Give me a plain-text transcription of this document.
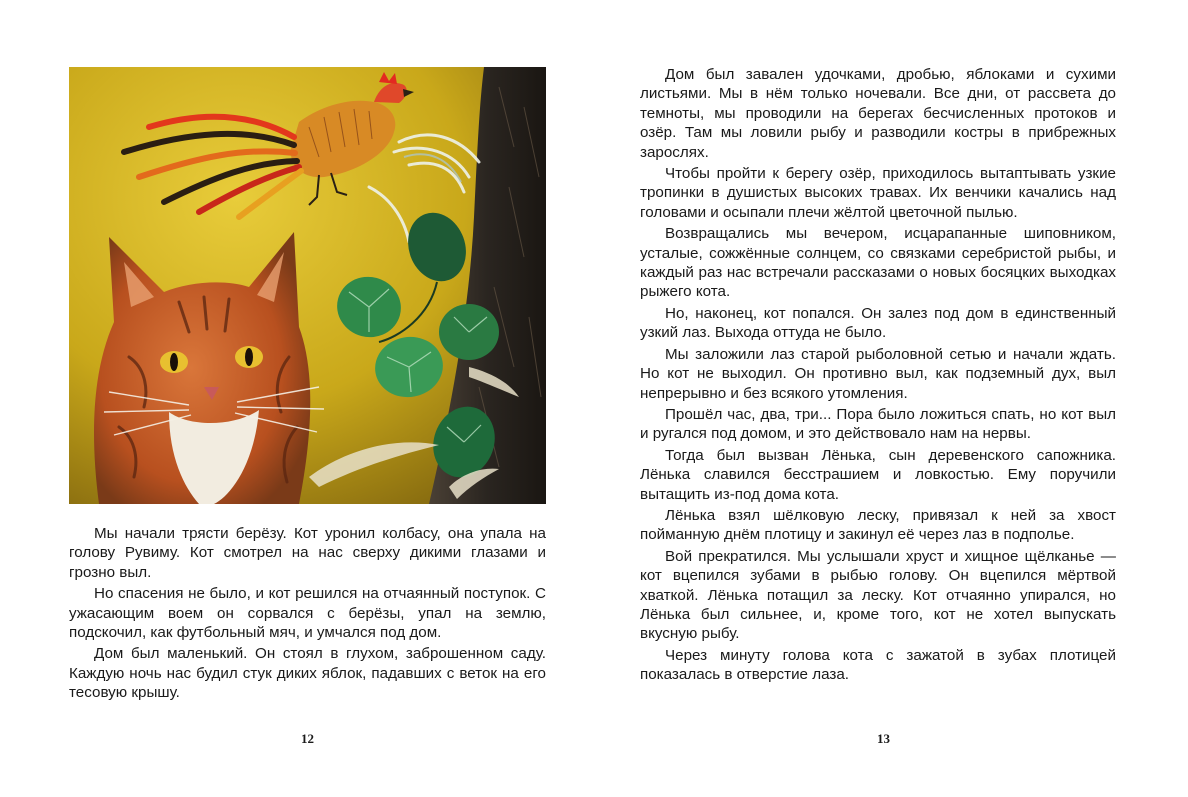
Мы начали трясти берёзу. Кот уронил колбасу, она упала на голову Рувиму. Кот смотрел на нас сверху дикими глазами и грозно выл.

Но спасения не было, и кот решился на отчаянный поступок. С ужасающим воем он сорвался с берёзы, упал на землю, подскочил, как футбольный мяч, и умчался под дом.

Дом был маленький. Он стоял в глухом, заброшенном саду. Каждую ночь нас будил стук диких яблок, падавших с веток на его тесовую крышу.

12

Дом был завален удочками, дробью, яблоками и сухими листьями. Мы в нём только ночевали. Все дни, от рассвета до темноты, мы проводили на берегах бесчисленных протоков и озёр. Там мы ловили рыбу и разводили костры в прибрежных зарослях.

Чтобы пройти к берегу озёр, приходилось вытаптывать узкие тропинки в душистых высоких травах. Их венчики качались над головами и осыпали плечи жёлтой цветочной пылью.

Возвращались мы вечером, исцарапанные шиповником, усталые, сожжённые солнцем, со связками серебристой рыбы, и каждый раз нас встречали рассказами о новых босяцких выходках рыжего кота.

Но, наконец, кот попался. Он залез под дом в единственный узкий лаз. Выхода оттуда не было.

Мы заложили лаз старой рыболовной сетью и начали ждать. Но кот не выходил. Он противно выл, как подземный дух, выл непрерывно и без всякого утомления.

Прошёл час, два, три... Пора было ложиться спать, но кот выл и ругался под домом, и это действовало нам на нервы.

Тогда был вызван Лёнька, сын деревенского сапожника. Лёнька славился бесстрашием и ловкостью. Ему поручили вытащить из-под дома кота.

Лёнька взял шёлковую леску, привязал к ней за хвост пойманную днём плотицу и закинул её через лаз в подполье.

Вой прекратился. Мы услышали хруст и хищное щёлканье — кот вцепился зубами в рыбью голову. Он вцепился мёртвой хваткой. Лёнька потащил за леску. Кот отчаянно упирался, но Лёнька был сильнее, и, кроме того, кот не хотел выпускать вкусную рыбу.

Через минуту голова кота с зажатой в зубах плотицей показалась в отверстие лаза.

13
